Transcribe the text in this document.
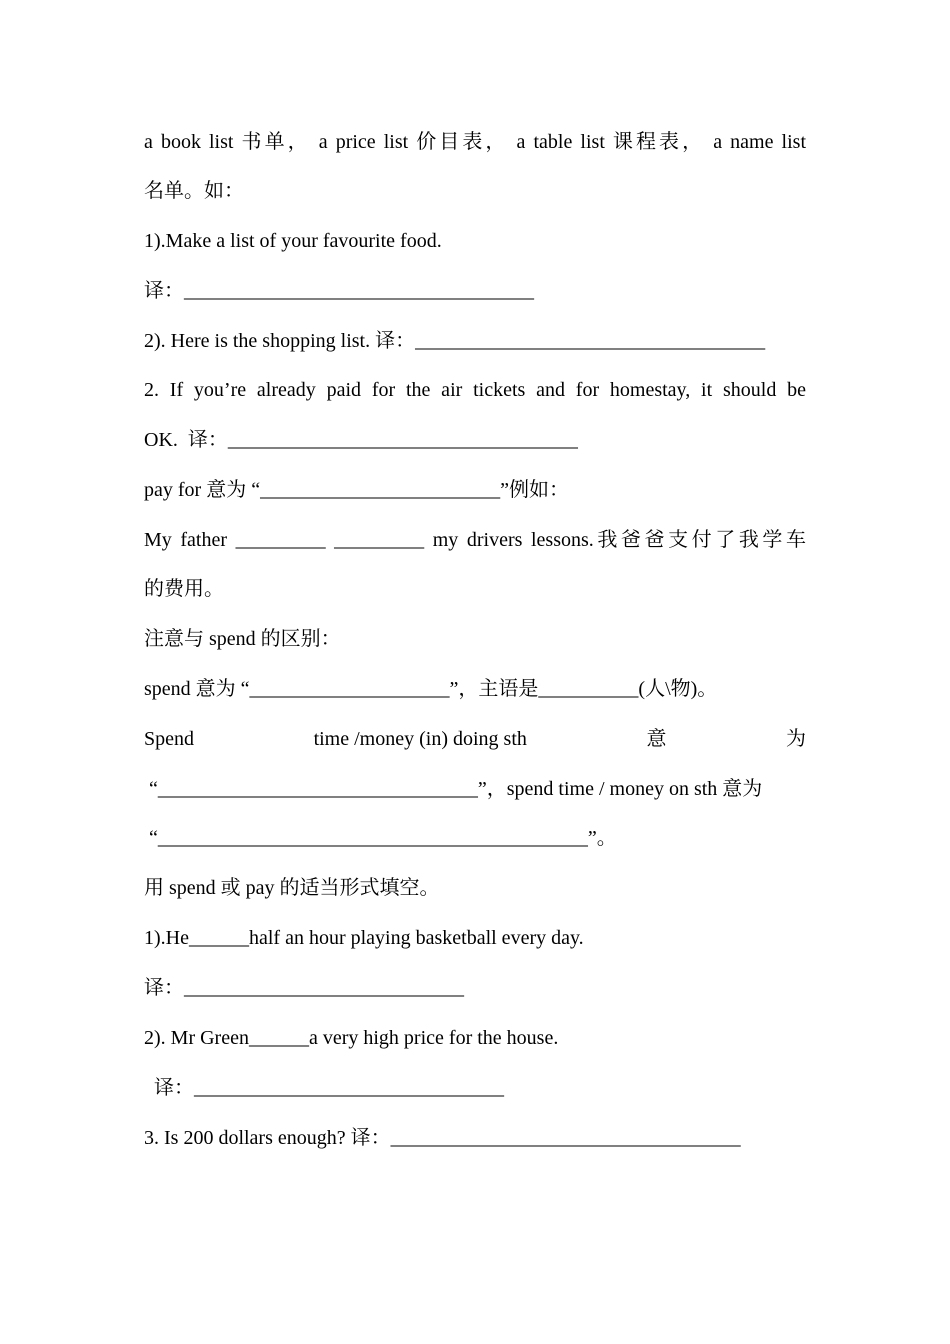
a book list 书单， a price list 价目表， a table list 课程表， a name list
名单。如：
1).Make a list of your favourite food.
译：___________________________________
2). Here is the shopping list. 译：___________________________________
2. If you’re already paid for the air tickets and for homestay, it should be
OK.  译：___________________________________
pay for 意为 “________________________”例如：
My father _________ _________ my drivers lessons.我爸爸支付了我学车
的费用。
注意与 spend 的区别：
spend 意为 “____________________”，主语是__________(人\物)。
Spend	time /money (in) doing sth	意	为
“________________________________”，spend time / money on sth 意为
“___________________________________________”。
用 spend 或 pay 的适当形式填空。
1).He______half an hour playing basketball every day.
译：____________________________
2). Mr Green______a very high price for the house.
译：_______________________________
3. Is 200 dollars enough? 译：___________________________________
